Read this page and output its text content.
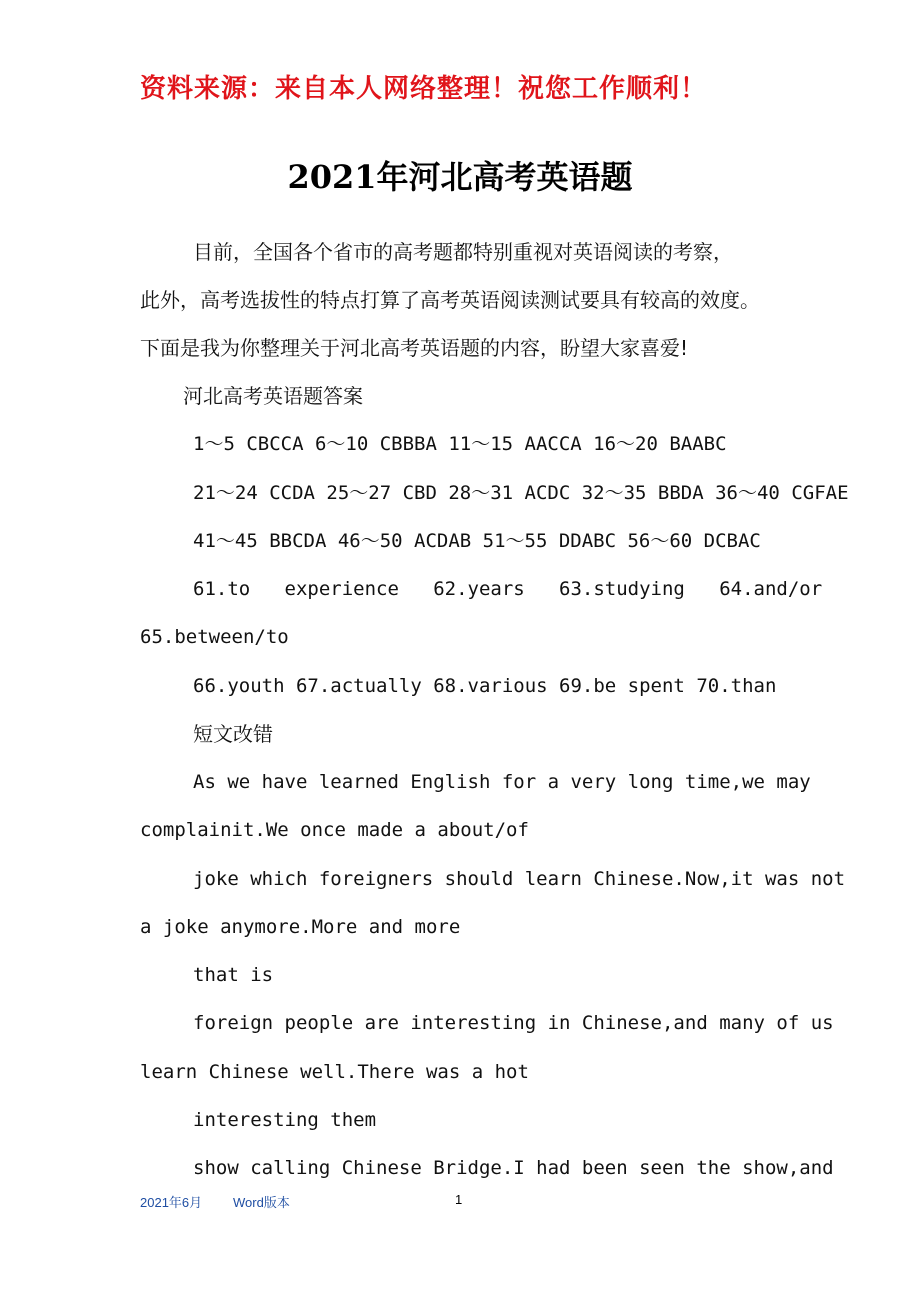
资料来源：来自本人网络整理！祝您工作顺利！
2021年河北高考英语题
目前，全国各个省市的高考题都特别重视对英语阅读的考察，
此外，高考选拔性的特点打算了高考英语阅读测试要具有较高的效度。
下面是我为你整理关于河北高考英语题的内容，盼望大家喜爱!
河北高考英语题答案
1～5 CBCCA 6～10 CBBBA 11～15 AACCA 16～20 BAABC
21～24 CCDA 25～27 CBD 28～31 ACDC 32～35 BBDA 36～40 CGFAE
41～45 BBCDA 46～50 ACDAB 51～55 DDABC 56～60 DCBAC
61.to   experience   62.years   63.studying   64.and/or
65.between/to
66.youth 67.actually 68.various 69.be spent 70.than
短文改错
As we have learned English for a very long time,we may
complainit.We once made a about/of
joke which foreigners should learn Chinese.Now,it was not
a joke anymore.More and more
that is
foreign people are interesting in Chinese,and many of us
learn Chinese well.There was a hot
interesting them
show calling Chinese Bridge.I had been seen the show,and
2021年6月 Word版本	1
